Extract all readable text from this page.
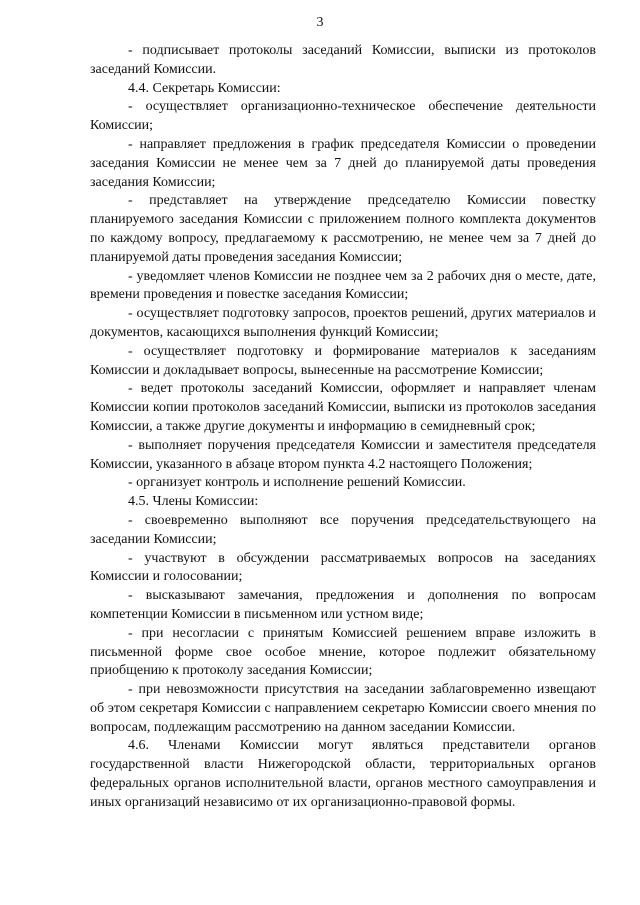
3

- подписывает протоколы заседаний Комиссии, выписки из протоколов заседаний Комиссии.

4.4. Секретарь Комиссии:

- осуществляет организационно-техническое обеспечение деятельности Комиссии;

- направляет предложения в график председателя Комиссии о проведении заседания Комиссии не менее чем за 7 дней до планируемой даты проведения заседания Комиссии;

- представляет на утверждение председателю Комиссии повестку планируемого заседания Комиссии с приложением полного комплекта документов по каждому вопросу, предлагаемому к рассмотрению, не менее чем за 7 дней до планируемой даты проведения заседания Комиссии;

- уведомляет членов Комиссии не позднее чем за 2 рабочих дня о месте, дате, времени проведения и повестке заседания Комиссии;

- осуществляет подготовку запросов, проектов решений, других материалов и документов, касающихся выполнения функций Комиссии;

- осуществляет подготовку и формирование материалов к заседаниям Комиссии и докладывает вопросы, вынесенные на рассмотрение Комиссии;

- ведет протоколы заседаний Комиссии, оформляет и направляет членам Комиссии копии протоколов заседаний Комиссии, выписки из протоколов заседания Комиссии, а также другие документы и информацию в семидневный срок;

- выполняет поручения председателя Комиссии и заместителя председателя Комиссии, указанного в абзаце втором пункта 4.2 настоящего Положения;

- организует контроль и исполнение решений Комиссии.

4.5. Члены Комиссии:

- своевременно выполняют все поручения председательствующего на заседании Комиссии;

- участвуют в обсуждении рассматриваемых вопросов на заседаниях Комиссии и голосовании;

- высказывают замечания, предложения и дополнения по вопросам компетенции Комиссии в письменном или устном виде;

- при несогласии с принятым Комиссией решением вправе изложить в письменной форме свое особое мнение, которое подлежит обязательному приобщению к протоколу заседания Комиссии;

- при невозможности присутствия на заседании заблаговременно извещают об этом секретаря Комиссии с направлением секретарю Комиссии своего мнения по вопросам, подлежащим рассмотрению на данном заседании Комиссии.

4.6. Членами Комиссии могут являться представители органов государственной власти Нижегородской области, территориальных органов федеральных органов исполнительной власти, органов местного самоуправления и иных организаций независимо от их организационно-правовой формы.
